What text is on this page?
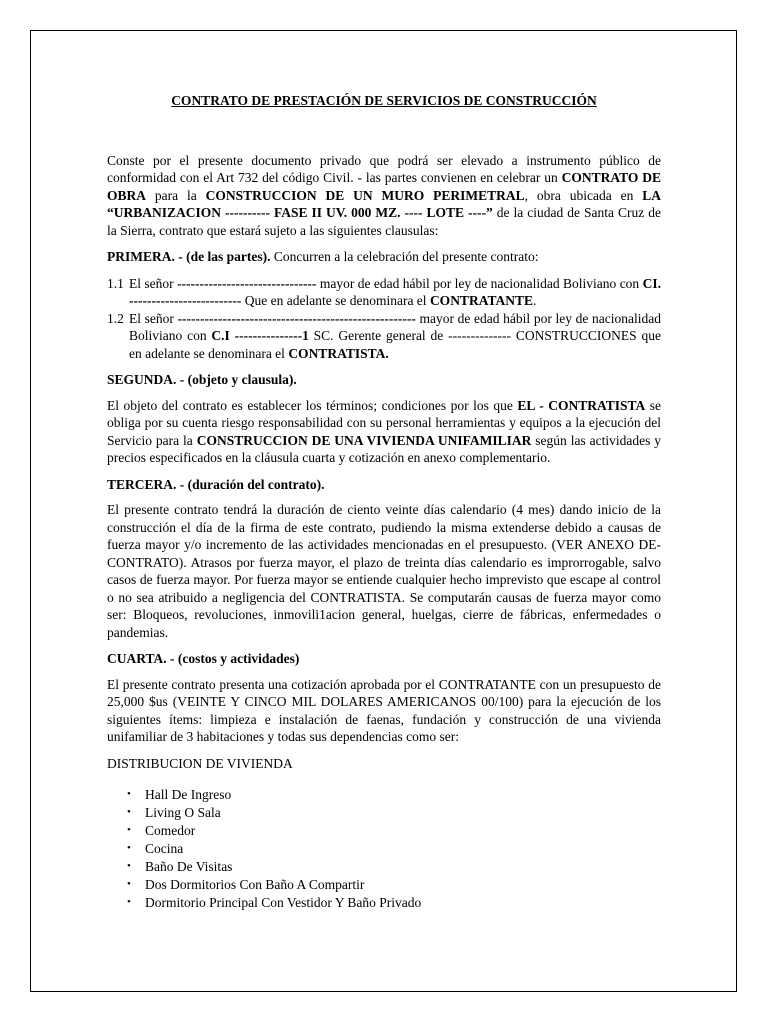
CONTRATO DE PRESTACIÓN DE SERVICIOS DE CONSTRUCCIÓN

Conste por el presente documento privado que podrá ser elevado a instrumento público de conformidad con el Art 732 del código Civil. - las partes convienen en celebrar un CONTRATO DE OBRA para la CONSTRUCCION DE UN MURO PERIMETRAL, obra ubicada en LA “URBANIZACION ---------- FASE II UV. 000 MZ. ---- LOTE ----” de la ciudad de Santa Cruz de la Sierra, contrato que estará sujeto a las siguientes clausulas:

PRIMERA. - (de las partes). Concurren a la celebración del presente contrato:

1.1 El señor ------------------------------- mayor de edad hábil por ley de nacionalidad Boliviano con CI. ------------------------- Que en adelante se denominara el CONTRATANTE.
1.2 El señor ----------------------------------------------------- mayor de edad hábil por ley de nacionalidad Boliviano con C.I ---------------1 SC. Gerente general de -------------- CONSTRUCCIONES que en adelante se denominara el CONTRATISTA.

SEGUNDA. - (objeto y clausula).

El objeto del contrato es establecer los términos; condiciones por los que EL - CONTRATISTA se obliga por su cuenta riesgo responsabilidad con su personal herramientas y equipos a la ejecución del Servicio para la CONSTRUCCION DE UNA VIVIENDA UNIFAMILIAR según las actividades y precios especificados en la cláusula cuarta y cotización en anexo complementario.

TERCERA. - (duración del contrato).

El presente contrato tendrá la duración de ciento veinte días calendario (4 mes) dando inicio de la construcción el día de la firma de este contrato, pudiendo la misma extenderse debido a causas de fuerza mayor y/o incremento de las actividades mencionadas en el presupuesto. (VER ANEXO DE-CONTRATO). Atrasos por fuerza mayor, el plazo de treinta días calendario es improrrogable, salvo casos de fuerza mayor. Por fuerza mayor se entiende cualquier hecho imprevisto que escape al control o no sea atribuido a negligencia del CONTRATISTA. Se computarán causas de fuerza mayor como ser: Bloqueos, revoluciones, inmovili1acion general, huelgas, cierre de fábricas, enfermedades o pandemias.

CUARTA. - (costos y actividades)

El presente contrato presenta una cotización aprobada por el CONTRATANTE con un presupuesto de 25,000 $us (VEINTE Y CINCO MIL DOLARES AMERICANOS 00/100) para la ejecución de los siguientes ítems: limpieza e instalación de faenas, fundación y construcción de una vivienda unifamiliar de 3 habitaciones y todas sus dependencias como ser:

DISTRIBUCION DE VIVIENDA

•	Hall De Ingreso
•	Living O Sala
•	Comedor
•	Cocina
•	Baño De Visitas
•	Dos Dormitorios Con Baño A Compartir
•	Dormitorio Principal Con Vestidor Y Baño Privado
